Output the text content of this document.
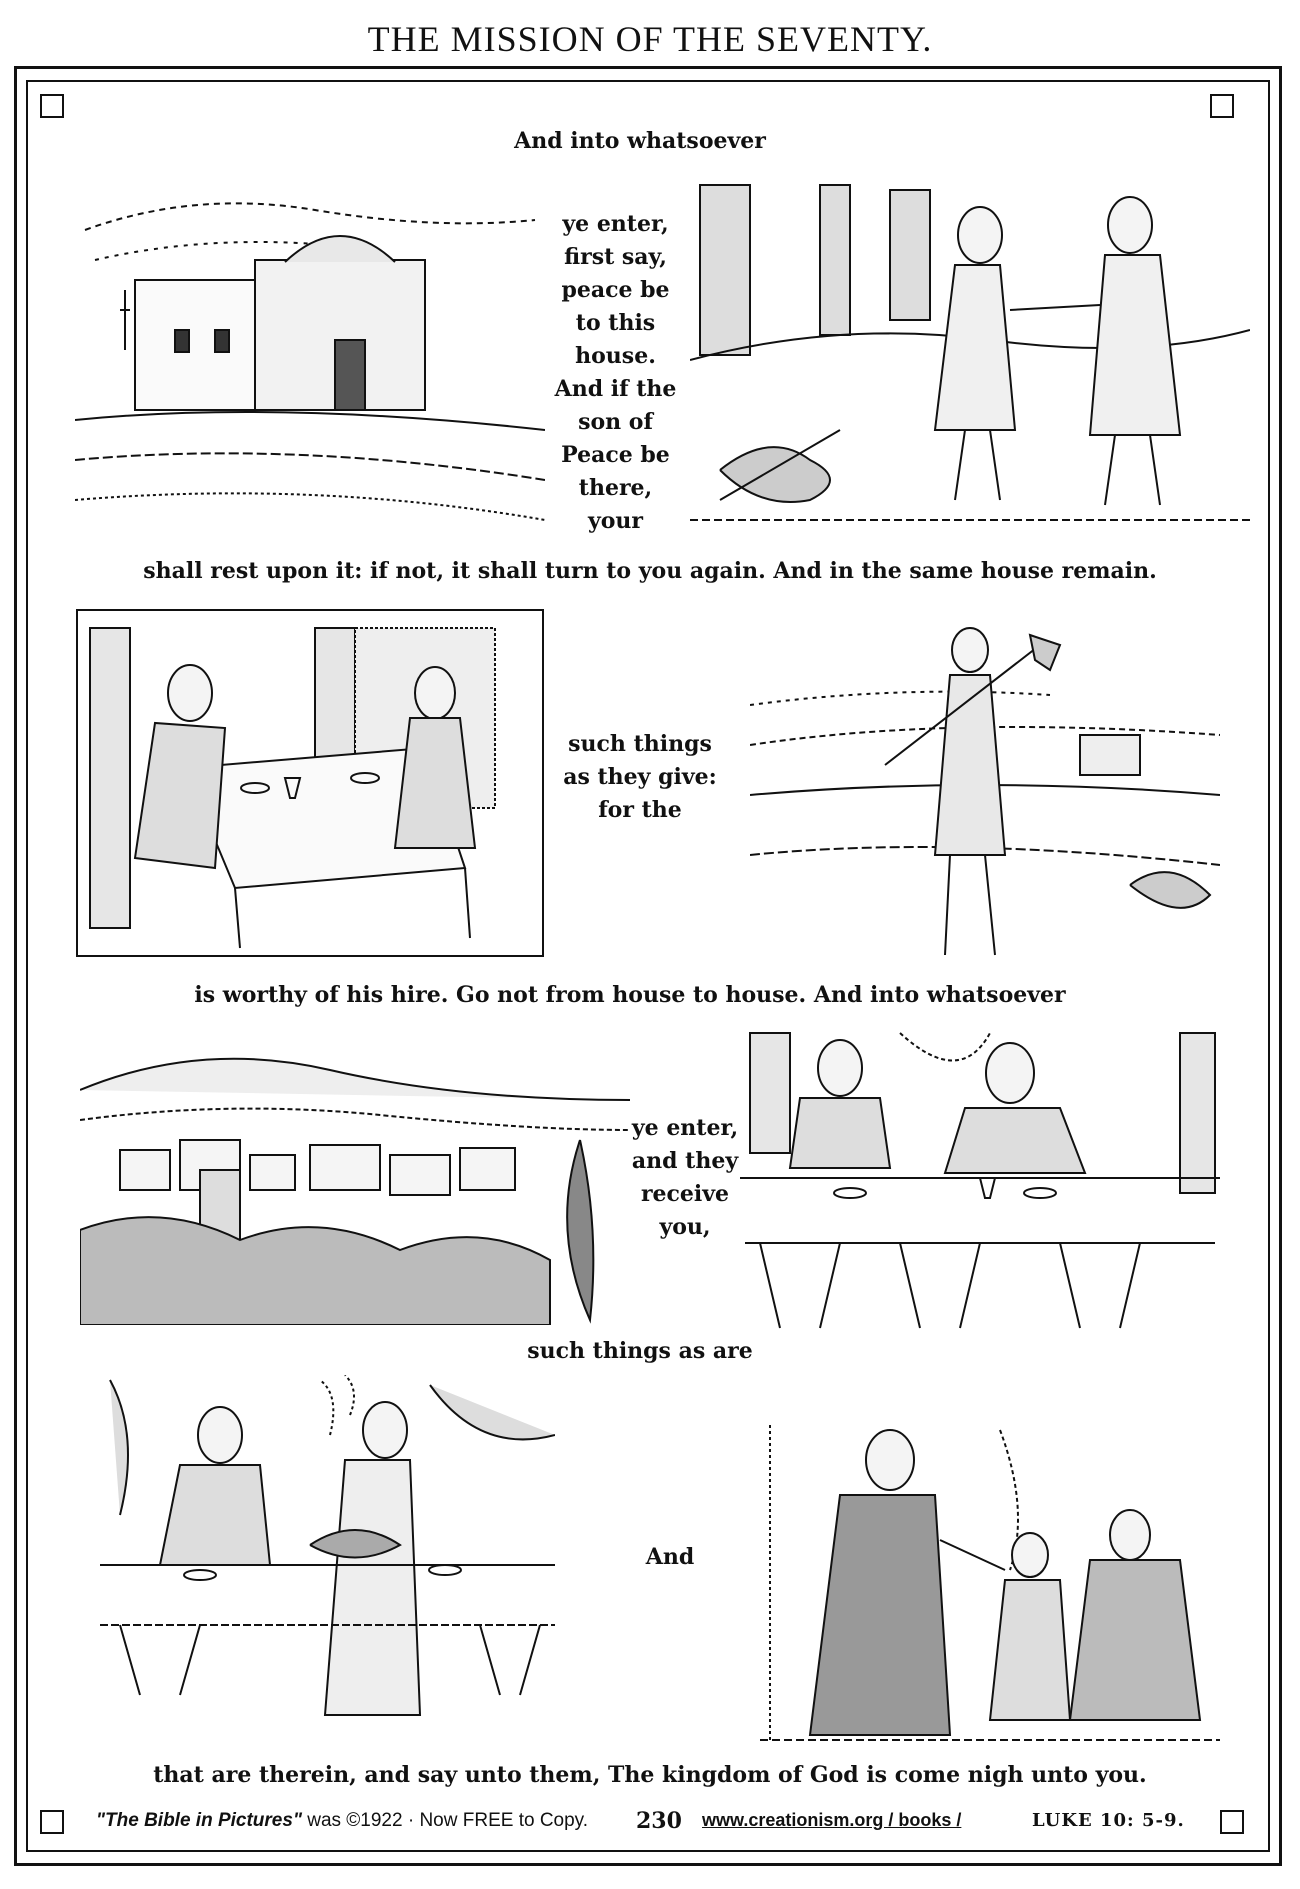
THE MISSION OF THE SEVENTY.
And into whatsoever
ye enter,
first say,
peace be
to this
house.
And if the
son of
Peace be
there, your
shall rest upon it: if not, it shall turn to you again. And in the same house remain.
such things
as they give:
for the
is worthy of his hire. Go not from house to house. And into whatsoever
ye enter,
and they
receive
you,
such things as are
And
that are therein, and say unto them, The kingdom of God is come nigh unto you.
"The Bible in Pictures" was ©1922 · Now FREE to Copy. 230 www.creationism.org / books /	LUKE 10: 5-9.
